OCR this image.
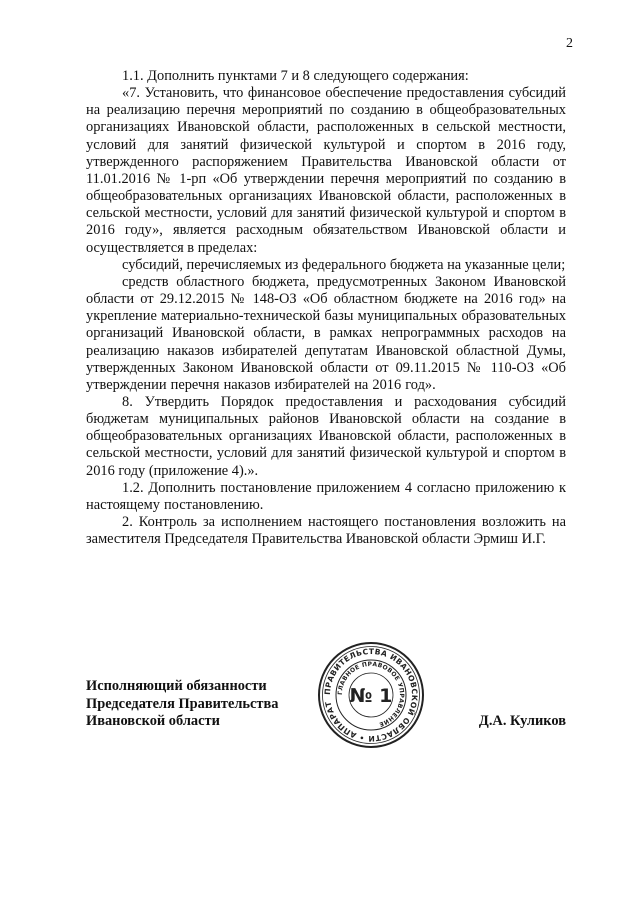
2

1.1. Дополнить пунктами 7 и 8 следующего содержания:

«7. Установить, что финансовое обеспечение предоставления субсидий на реализацию перечня мероприятий по созданию в общеобразовательных организациях Ивановской области, расположенных в сельской местности, условий для занятий физической культурой и спортом в 2016 году, утвержденного распоряжением Правительства Ивановской области от 11.01.2016 № 1-рп «Об утверждении перечня мероприятий по созданию в общеобразовательных организациях Ивановской области, расположенных в сельской местности, условий для занятий физической культурой и спортом в 2016 году», является расходным обязательством Ивановской области и осуществляется в пределах:

субсидий, перечисляемых из федерального бюджета на указанные цели;

средств областного бюджета, предусмотренных Законом Ивановской области от 29.12.2015 № 148-ОЗ «Об областном бюджете на 2016 год» на укрепление материально-технической базы муниципальных образовательных организаций Ивановской области, в рамках непрограммных расходов на реализацию наказов избирателей депутатам Ивановской областной Думы, утвержденных Законом Ивановской области от 09.11.2015 № 110-ОЗ «Об утверждении перечня наказов избирателей на 2016 год».

8. Утвердить Порядок предоставления и расходования субсидий бюджетам муниципальных районов Ивановской области на создание в общеобразовательных организациях Ивановской области, расположенных в сельской местности, условий для занятий физической культурой и спортом в 2016 году (приложение 4).».

1.2. Дополнить постановление приложением 4 согласно приложению к настоящему постановлению.

2. Контроль за исполнением настоящего постановления возложить на заместителя Председателя Правительства Ивановской области Эрмиш И.Г.

Исполняющий обязанности
Председателя Правительства
Ивановской области	Д.А. Куликов
ПРАВИТЕЛЬСТВА ИВАНОВСКОЙ ОБЛАСТИ • АППАРАТ
ГЛАВНОЕ ПРАВОВОЕ УПРАВЛЕНИЕ
№ 1
